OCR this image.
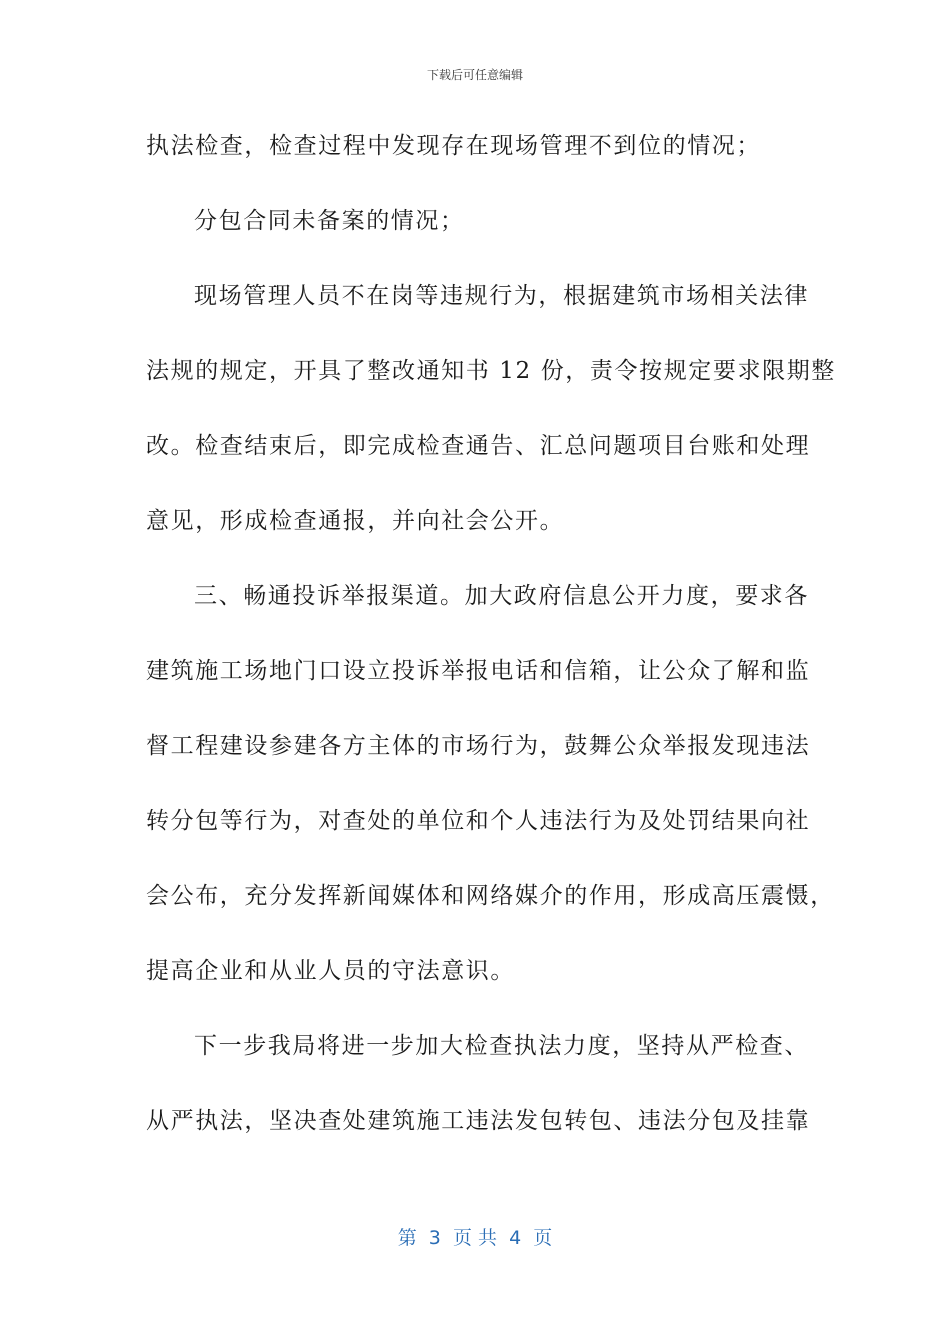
下载后可任意编辑
执法检查，检查过程中发现存在现场管理不到位的情况；
分包合同未备案的情况；
现场管理人员不在岗等违规行为，根据建筑市场相关法律
法规的规定，开具了整改通知书 12 份，责令按规定要求限期整
改。检查结束后，即完成检查通告、汇总问题项目台账和处理
意见，形成检查通报，并向社会公开。
三、畅通投诉举报渠道。加大政府信息公开力度，要求各
建筑施工场地门口设立投诉举报电话和信箱，让公众了解和监
督工程建设参建各方主体的市场行为，鼓舞公众举报发现违法
转分包等行为，对查处的单位和个人违法行为及处罚结果向社
会公布，充分发挥新闻媒体和网络媒介的作用，形成高压震慑，
提高企业和从业人员的守法意识。
下一步我局将进一步加大检查执法力度，坚持从严检查、
从严执法，坚决查处建筑施工违法发包转包、违法分包及挂靠
第  3  页 共  4  页
